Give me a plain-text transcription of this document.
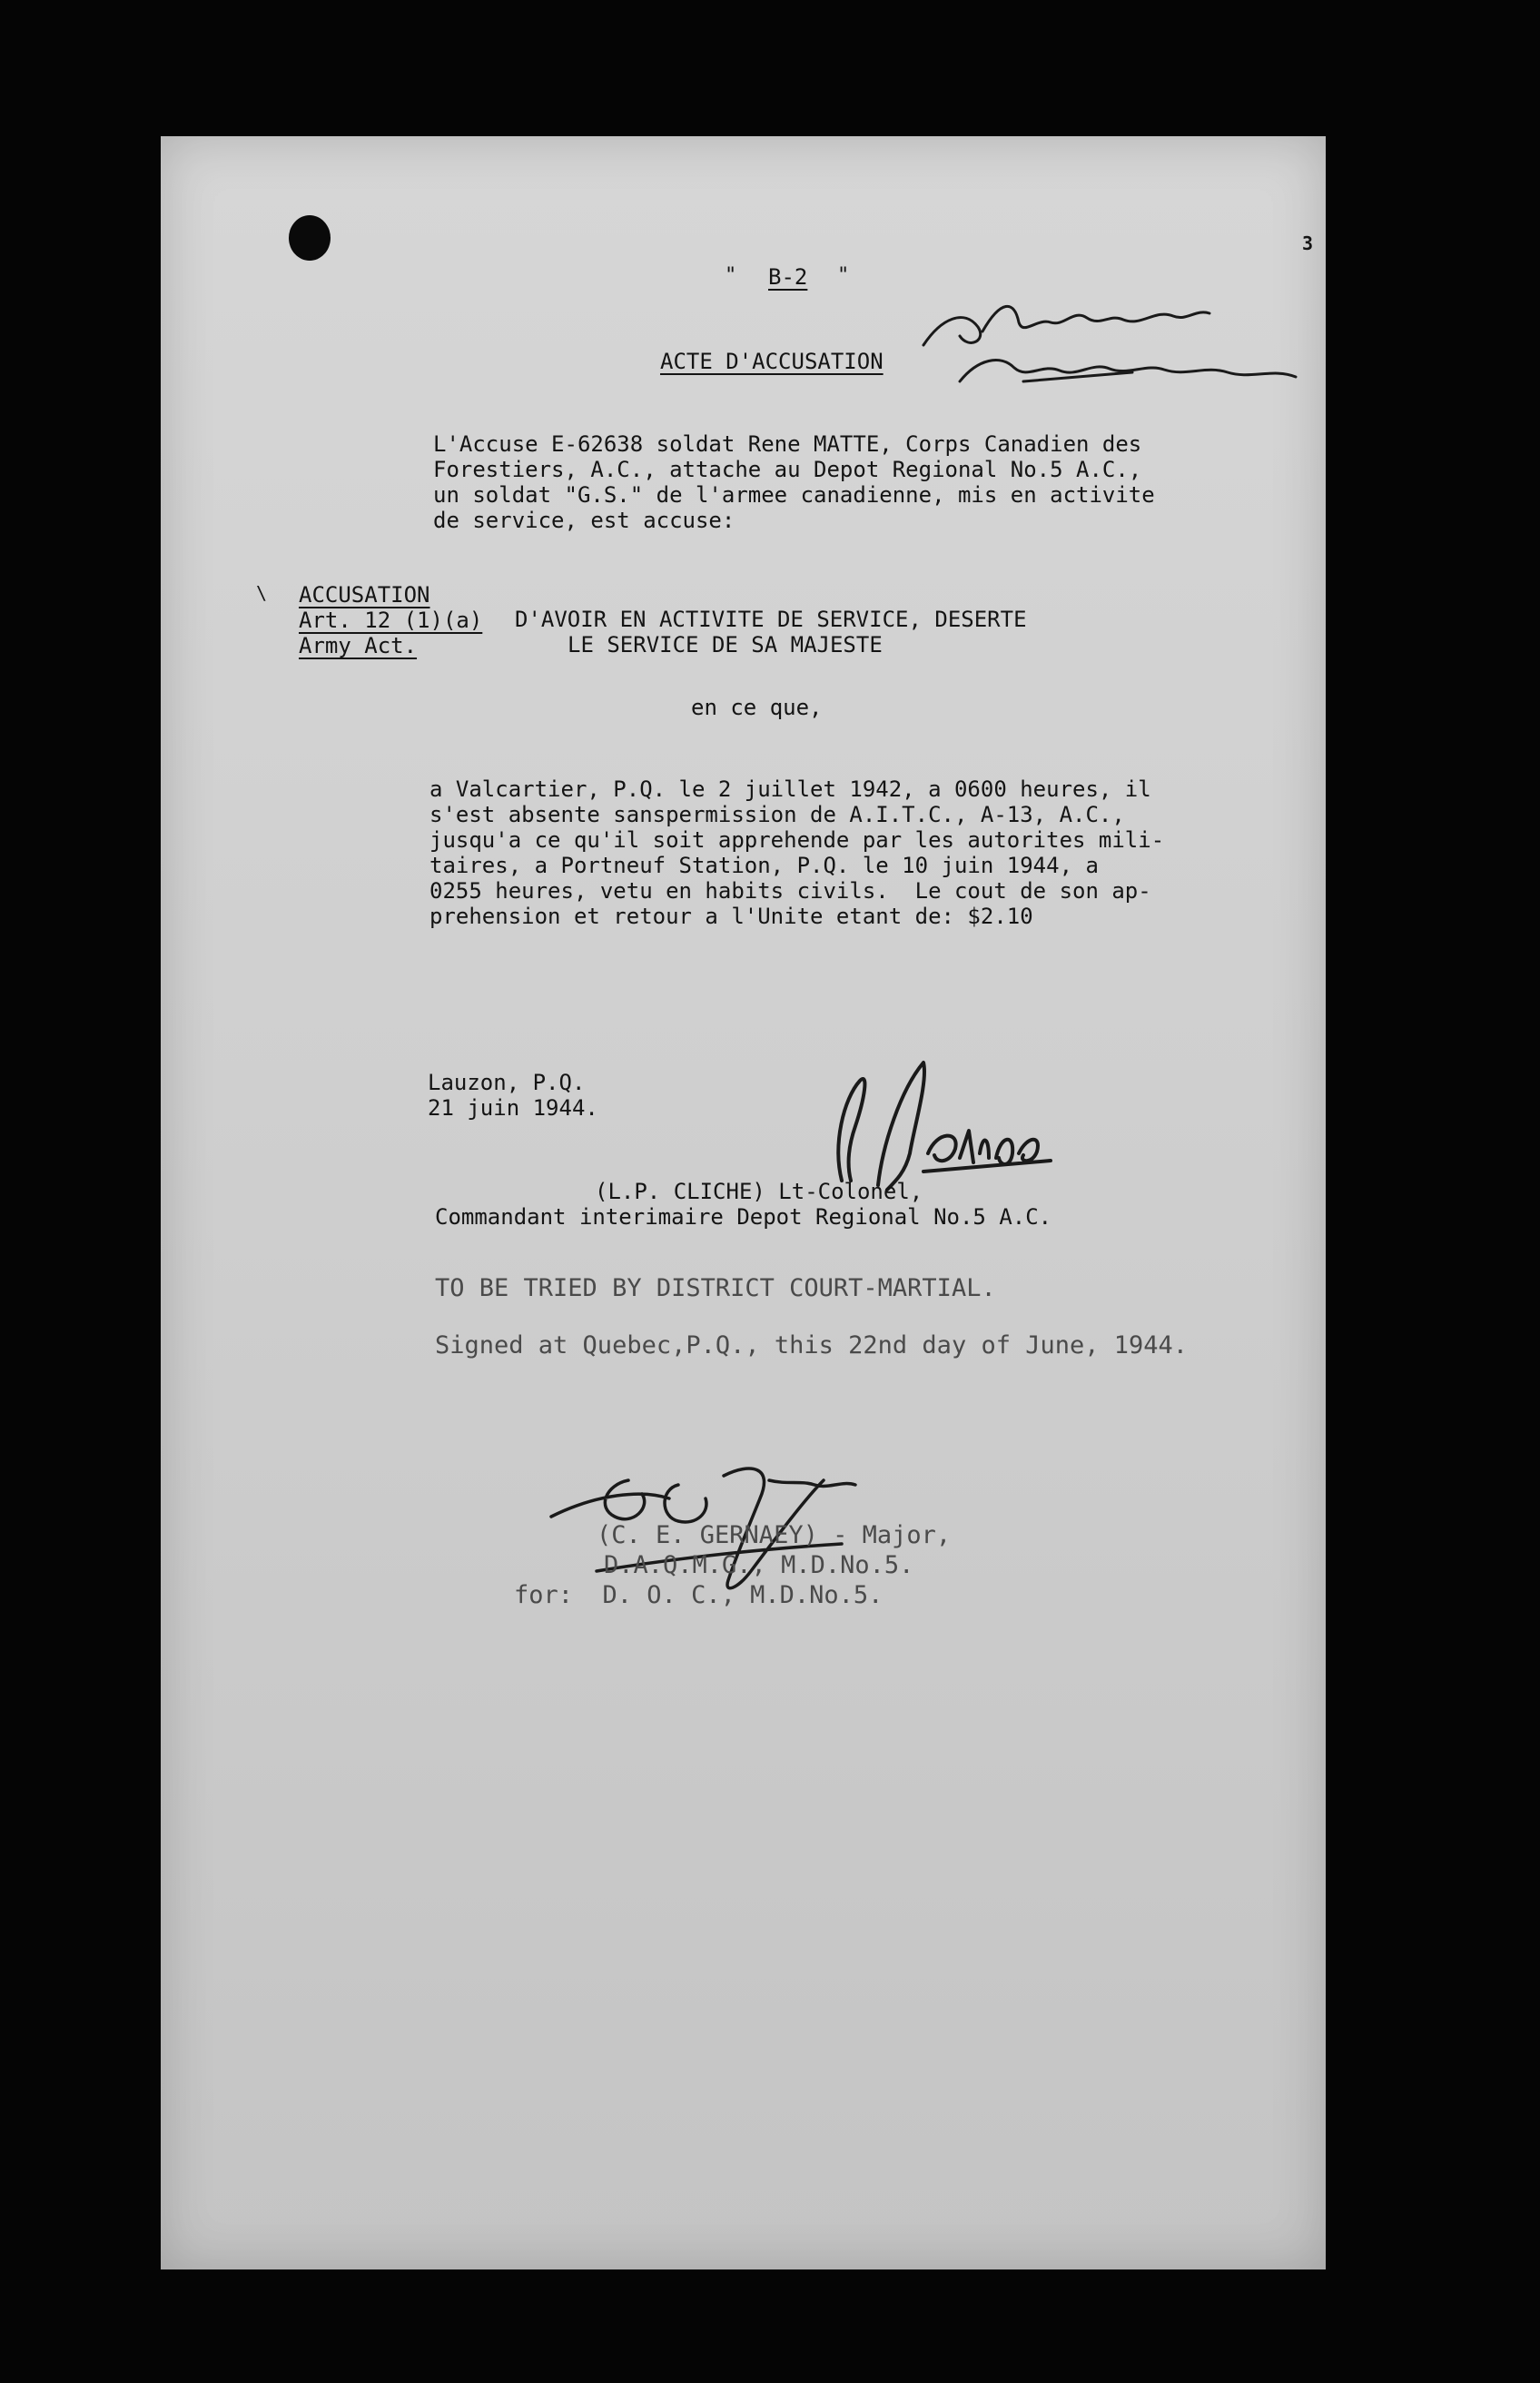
3
" B-2 "
ACTE D'ACCUSATION
L'Accuse E-62638 soldat Rene MATTE, Corps Canadien des
Forestiers, A.C., attache au Depot Regional No.5 A.C.,
un soldat "G.S." de l'armee canadienne, mis en activite
de service, est accuse:
\ ACCUSATION
Art. 12 (1)(a)
Army Act.
D'AVOIR EN ACTIVITE DE SERVICE, DESERTE
LE SERVICE DE SA MAJESTE
en ce que,
a Valcartier, P.Q. le 2 juillet 1942, a 0600 heures, il
s'est absente sanspermission de A.I.T.C., A-13, A.C.,
jusqu'a ce qu'il soit apprehende par les autorites mili-
taires, a Portneuf Station, P.Q. le 10 juin 1944, a
0255 heures, vetu en habits civils.  Le cout de son ap-
prehension et retour a l'Unite etant de: $2.10
Lauzon, P.Q.
21 juin 1944.
(L.P. CLICHE) Lt-Colonel,
Commandant interimaire Depot Regional No.5 A.C.
TO BE TRIED BY DISTRICT COURT-MARTIAL.
Signed at Quebec,P.Q., this 22nd day of June, 1944.
(C. E. GERNAEY) - Major,
D.A.Q.M.G., M.D.No.5.
for:  D. O. C., M.D.No.5.
